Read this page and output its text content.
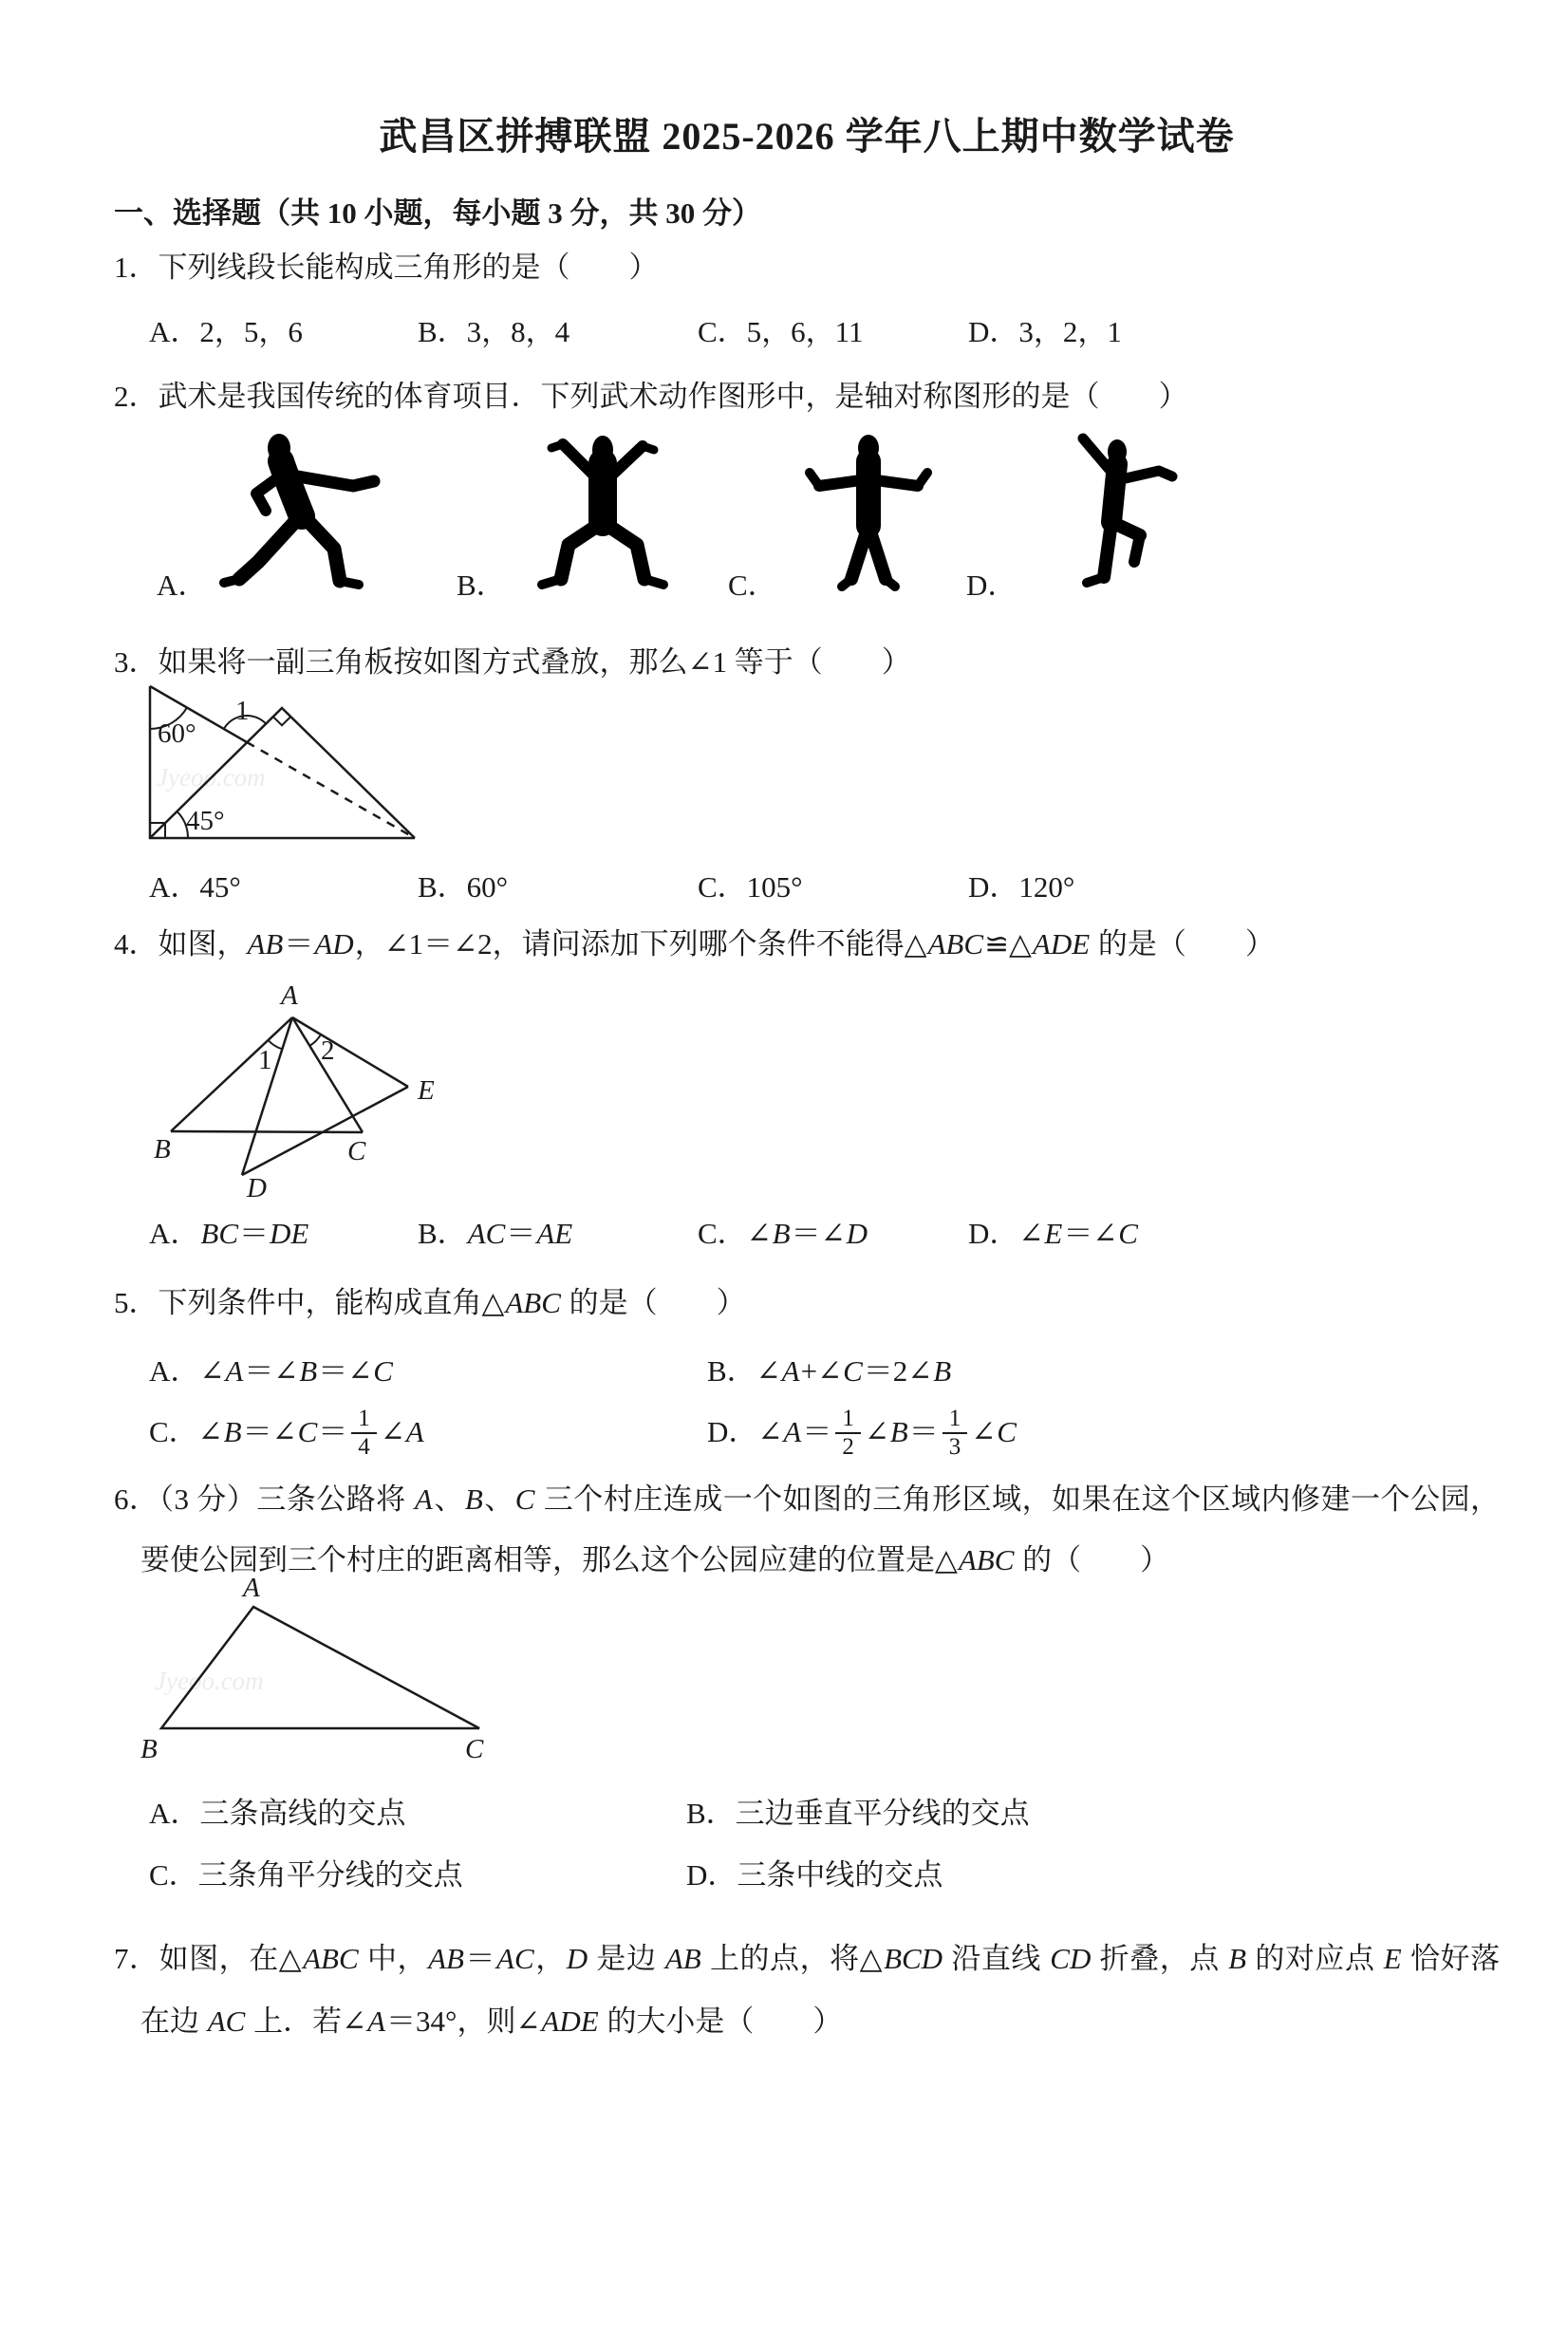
武昌区拼搏联盟 2025-2026 学年八上期中数学试卷
一、选择题（共 10 小题，每小题 3 分，共 30 分）

1．下列线段长能构成三角形的是（　　）

A．2，5，6	B．3，8，4	C．5，6，11	D．3，2，1

2．武术是我国传统的体育项目．下列武术动作图形中，是轴对称图形的是（　　）

A．	B．	C．	D．

3．如果将一副三角板按如图方式叠放，那么∠1 等于（　　）

Jyeoo.com
60°
45°
1
A．45°	B．60°	C．105°	D．120°

4．如图，AB＝AD，∠1＝∠2，请问添加下列哪个条件不能得△ABC≌△ADE 的是（　　）

A
B	C
D
E
1 2
A．BC＝DE	B．AC＝AE	C．∠B＝∠D	D．∠E＝∠C

5．下列条件中，能构成直角△ABC 的是（　　）

A．∠A＝∠B＝∠C	B．∠A+∠C＝2∠B
C．∠B＝∠C＝ $\frac{1}{4}$ ∠A	D．∠A＝ $\frac{1}{2}$ ∠B＝ $\frac{1}{3}$ ∠C

6．（3 分）三条公路将 A、B、C 三个村庄连成一个如图的三角形区域，如果在这个区域内修建一个公园，要使公园到三个村庄的距离相等，那么这个公园应建的位置是△ABC 的（　　）

Jyeoo.com
A
B	C
A．三条高线的交点	B．三边垂直平分线的交点
C．三条角平分线的交点	D．三条中线的交点

7．如图，在△ABC 中，AB＝AC，D 是边 AB 上的点，将△BCD 沿直线 CD 折叠，点 B 的对应点 E 恰好落在边 AC 上．若∠A＝34°，则∠ADE 的大小是（　　）
